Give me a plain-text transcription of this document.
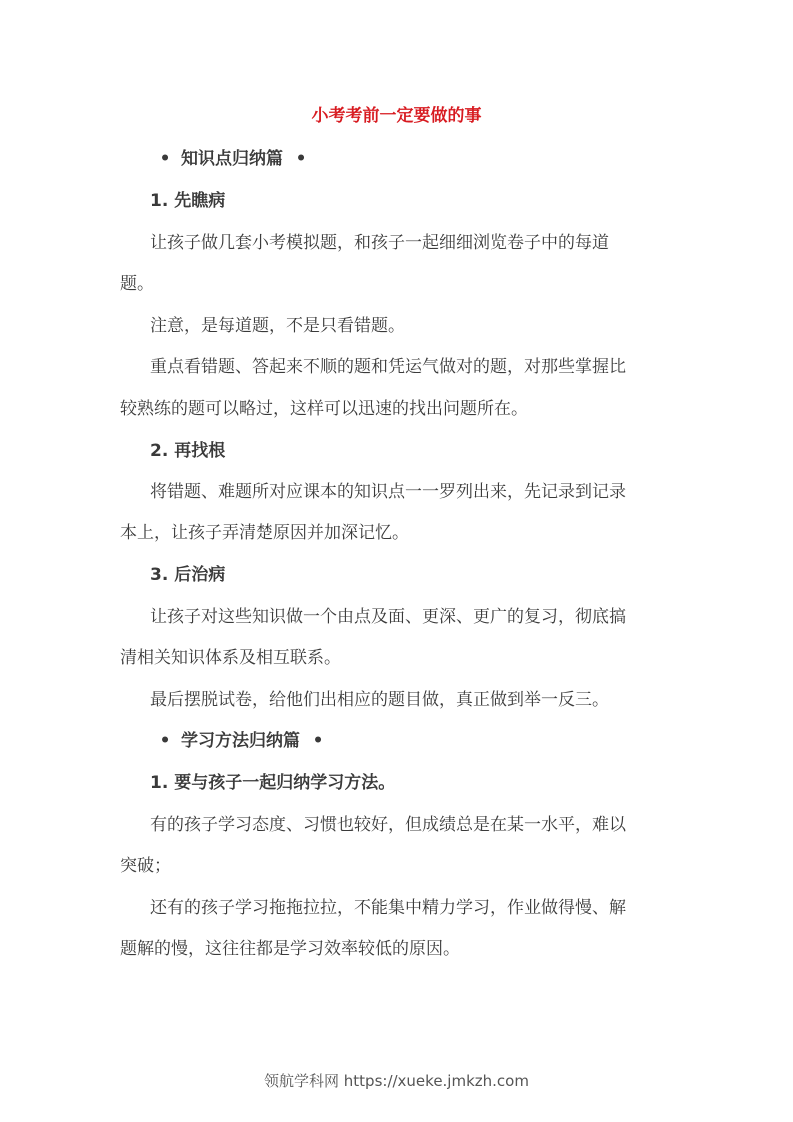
小考考前一定要做的事
• 知识点归纳篇 •
1. 先瞧病
让孩子做几套小考模拟题，和孩子一起细细浏览卷子中的每道
题。
注意，是每道题，不是只看错题。
重点看错题、答起来不顺的题和凭运气做对的题，对那些掌握比
较熟练的题可以略过，这样可以迅速的找出问题所在。
2. 再找根
将错题、难题所对应课本的知识点一一罗列出来，先记录到记录
本上，让孩子弄清楚原因并加深记忆。
3. 后治病
让孩子对这些知识做一个由点及面、更深、更广的复习，彻底搞
清相关知识体系及相互联系。
最后摆脱试卷，给他们出相应的题目做，真正做到举一反三。
• 学习方法归纳篇 •
1. 要与孩子一起归纳学习方法。
有的孩子学习态度、习惯也较好，但成绩总是在某一水平，难以
突破；
还有的孩子学习拖拖拉拉，不能集中精力学习，作业做得慢、解
题解的慢，这往往都是学习效率较低的原因。
领航学科网 https://xueke.jmkzh.com
